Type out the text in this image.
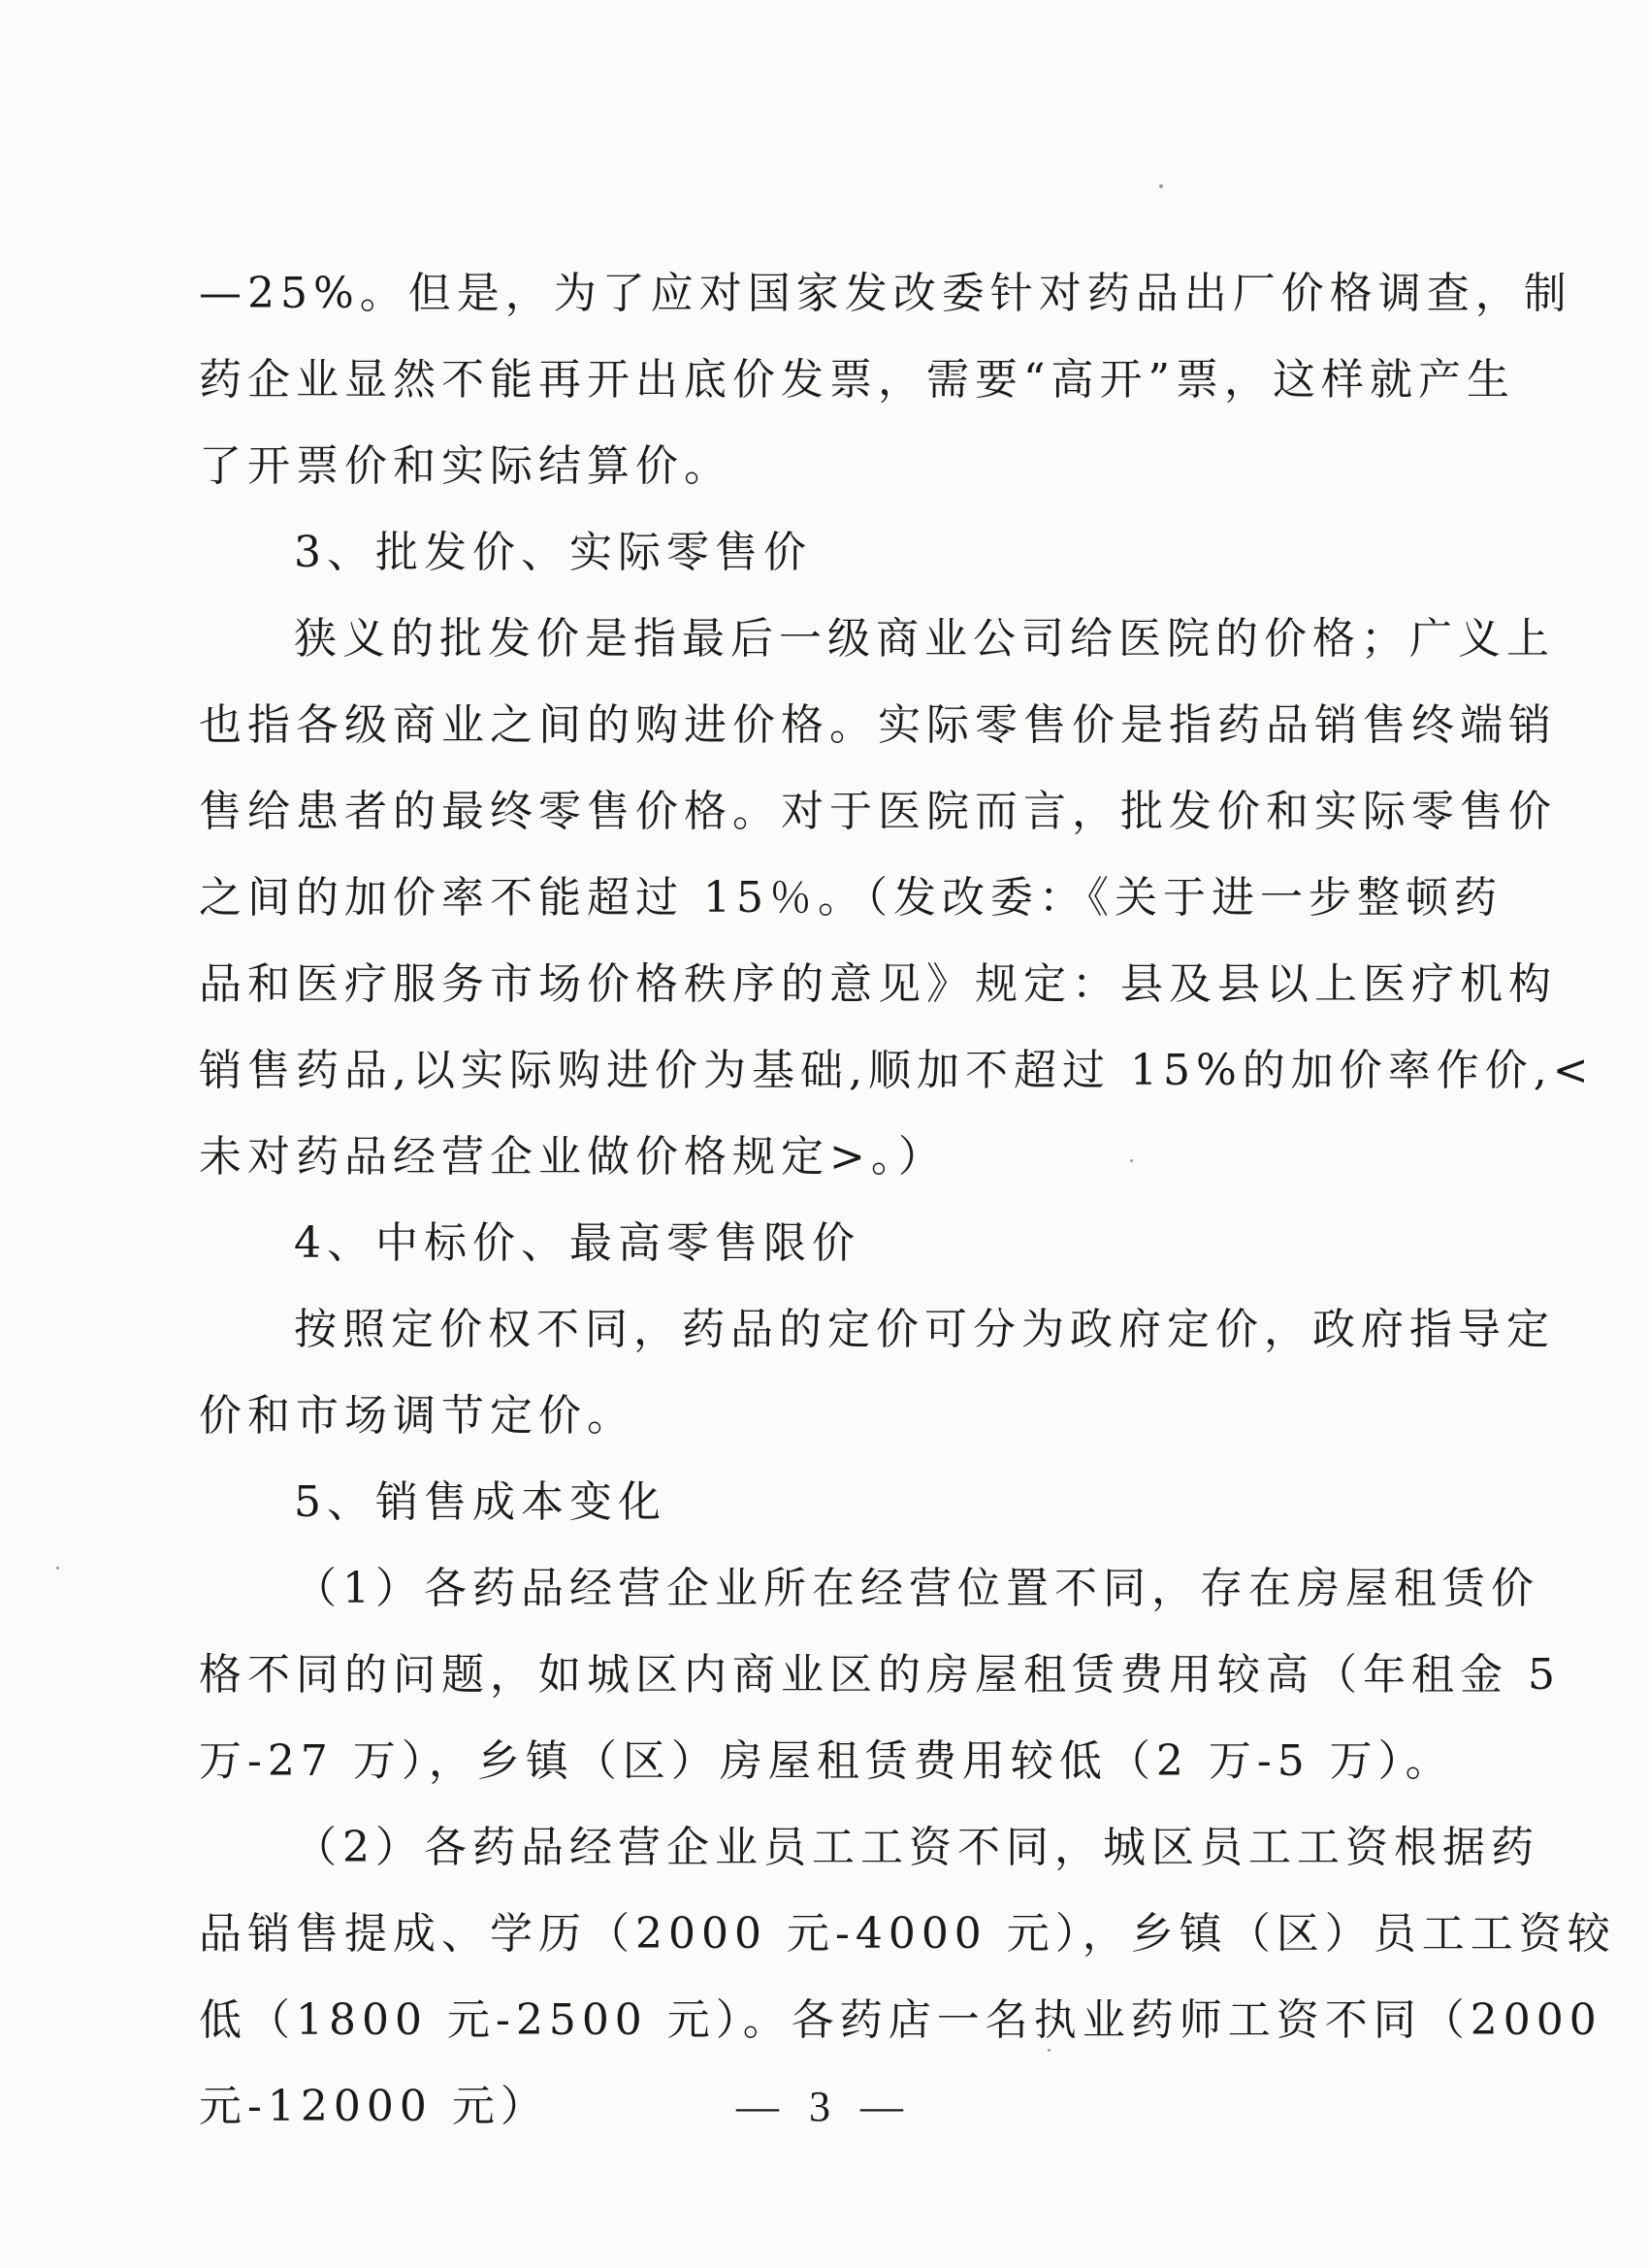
—25%。但是，为了应对国家发改委针对药品出厂价格调查，制
药企业显然不能再开出底价发票，需要“高开”票，这样就产生
了开票价和实际结算价。
3、批发价、实际零售价
狭义的批发价是指最后一级商业公司给医院的价格；广义上
也指各级商业之间的购进价格。实际零售价是指药品销售终端销
售给患者的最终零售价格。对于医院而言，批发价和实际零售价
之间的加价率不能超过 15％。（发改委：《关于进一步整顿药
品和医疗服务市场价格秩序的意见》规定：县及县以上医疗机构
销售药品,以实际购进价为基础,顺加不超过 15%的加价率作价,<
未对药品经营企业做价格规定>。）
4、中标价、最高零售限价
按照定价权不同，药品的定价可分为政府定价，政府指导定
价和市场调节定价。
5、销售成本变化
（1）各药品经营企业所在经营位置不同，存在房屋租赁价
格不同的问题，如城区内商业区的房屋租赁费用较高（年租金 5
万-27 万），乡镇（区）房屋租赁费用较低（2 万-5 万）。
（2）各药品经营企业员工工资不同，城区员工工资根据药
品销售提成、学历（2000 元-4000 元），乡镇（区）员工工资较
低（1800 元-2500 元）。各药店一名执业药师工资不同（2000
元-12000 元）	— 3 —
